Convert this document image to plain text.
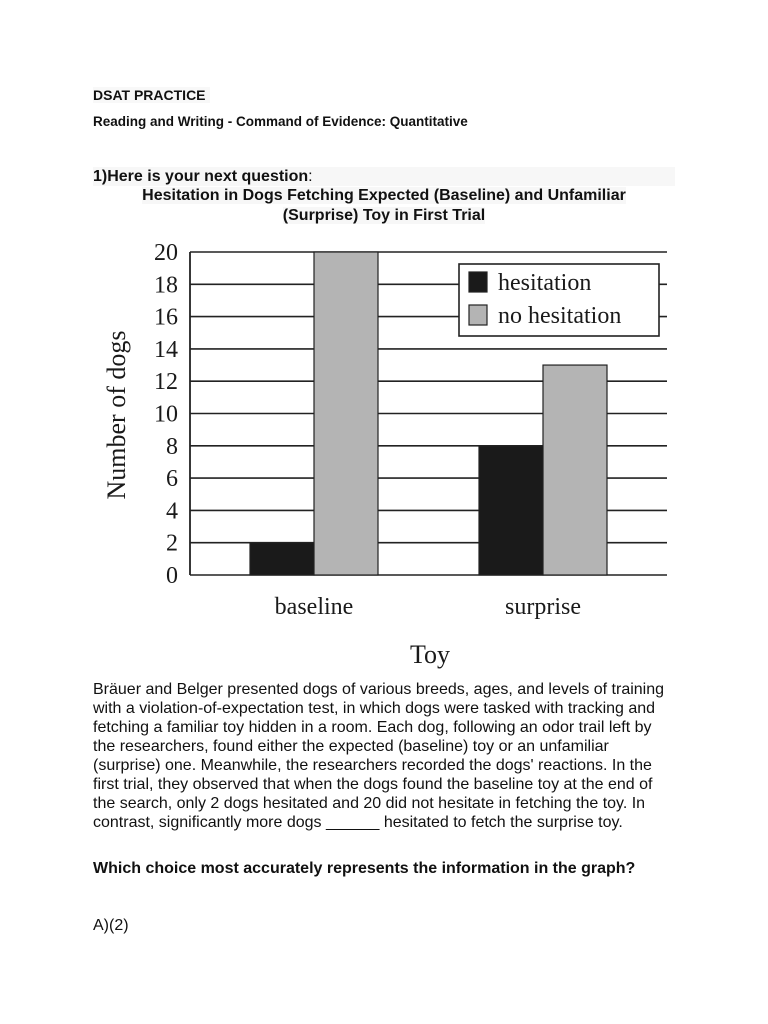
DSAT PRACTICE
Reading and Writing - Command of Evidence: Quantitative
1)Here is your next question:
Hesitation in Dogs Fetching Expected (Baseline) and Unfamiliar
(Surprise) Toy in First Trial
0
2
4
6
8
10
12
14
16
18
20
baseline	surprise
Toy
Number of dogs
hesitation
no hesitation
Bräuer and Belger presented dogs of various breeds, ages, and levels of training with a violation-of-expectation test, in which dogs were tasked with tracking and fetching a familiar toy hidden in a room. Each dog, following an odor trail left by the researchers, found either the expected (baseline) toy or an unfamiliar (surprise) one. Meanwhile, the researchers recorded the dogs' reactions. In the first trial, they observed that when the dogs found the baseline toy at the end of the search, only 2 dogs hesitated and 20 did not hesitate in fetching the toy. In contrast, significantly more dogs ______ hesitated to fetch the surprise toy.
Which choice most accurately represents the information in the graph?
A)(2)
